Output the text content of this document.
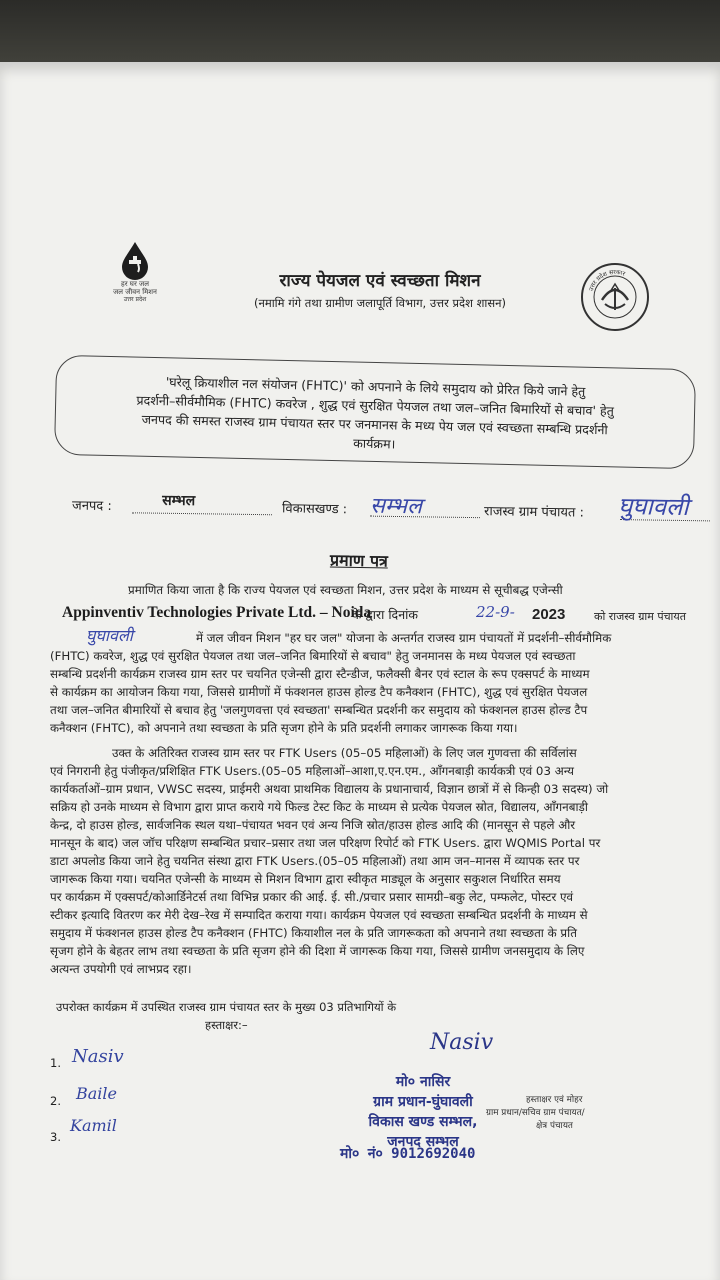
हर घर जल
जल जीवन मिशन
उत्तर प्रदेश
उत्तर प्रदेश सरकार
राज्य पेयजल एवं स्वच्छता मिशन
(नमामि गंगे तथा ग्रामीण जलापूर्ति विभाग, उत्तर प्रदेश शासन)
'घरेलू क्रियाशील नल संयोजन (FHTC)' को अपनाने के लिये समुदाय को प्रेरित किये जाने हेतु
प्रदर्शनी–सीर्वमौमिक (FHTC) कवरेज , शुद्ध एवं सुरक्षित पेयजल तथा जल–जनित बिमारियों से बचाव' हेतु
जनपद की समस्त राजस्व ग्राम पंचायत स्तर पर जनमानस के मध्य पेय जल एवं स्वच्छता सम्बन्धि प्रदर्शनी
कार्यक्रम।
जनपद :	सम्भल
विकासखण्ड : सम्भल	राजस्व ग्राम पंचायत : घुघावली
प्रमाण पत्र
प्रमाणित किया जाता है कि राज्य पेयजल एवं स्वच्छता मिशन, उत्तर प्रदेश के माध्यम से सूचीबद्ध एजेन्सी
Appinventiv Technologies Private Ltd. – Noida
के द्वारा दिनांक	22-9- 2023	को राजस्व ग्राम पंचायत
घुघावली	में जल जीवन मिशन "हर घर जल" योजना के अन्तर्गत राजस्व ग्राम पंचायतों में प्रदर्शनी–सीर्वमौमिक
(FHTC) कवरेज, शुद्ध एवं सुरक्षित पेयजल तथा जल–जनित बिमारियों से बचाव" हेतु जनमानस के मध्य पेयजल एवं स्वच्छता
सम्बन्धि प्रदर्शनी कार्यक्रम राजस्व ग्राम स्तर पर चयनित एजेन्सी द्वारा स्टैन्डीज, फलैक्सी बैनर एवं स्टाल के रूप एक्सपर्ट के माध्यम
से कार्यक्रम का आयोजन किया गया, जिससे ग्रामीणों में फंक्शनल हाउस होल्ड टैप कनैक्शन (FHTC), शुद्ध एवं सुरक्षित पेयजल
तथा जल–जनित बीमारियों से बचाव हेतु 'जलगुणवत्ता एवं स्वच्छता' सम्बन्धित प्रदर्शनी कर समुदाय को फंक्शनल हाउस होल्ड टैप
कनैक्शन (FHTC), को अपनाने तथा स्वच्छता के प्रति सृजग होने के प्रति प्रदर्शनी लगाकर जागरूक किया गया।
उक्त के अतिरिक्त राजस्व ग्राम स्तर पर FTK Users (05–05 महिलाओं) के लिए जल गुणवत्ता की सर्विलांस
एवं निगरानी हेतु पंजीकृत/प्रशिक्षित FTK Users.(05–05 महिलाओं–आशा,ए.एन.एम., ऑंगनबाड़ी कार्यकत्री एवं 03 अन्य
कार्यकर्ताओं–ग्राम प्रधान, VWSC सदस्य, प्राईमरी अथवा प्राथमिक विद्यालय के प्रधानाचार्य, विज्ञान छात्रों में से किन्ही 03 सदस्य) जो
सक्रिय हो उनके माध्यम से विभाग द्वारा प्राप्त कराये गये फिल्ड टेस्ट किट के माध्यम से प्रत्येक पेयजल स्रोत, विद्यालय, ऑंगनबाड़ी
केन्द्र, दो हाउस होल्ड, सार्वजनिक स्थल यथा–पंचायत भवन एवं अन्य निजि स्रोत/हाउस होल्ड आदि की (मानसून से पहले और
मानसून के बाद) जल जॉच परिक्षण सम्बन्धित प्रचार–प्रसार तथा जल परिक्षण रिपोर्ट को FTK Users. द्वारा WQMIS Portal पर
डाटा अपलोड किया जाने हेतु चयनित संस्था द्वारा FTK Users.(05–05 महिलाओं) तथा आम जन–मानस में व्यापक स्तर पर
जागरूक किया गया। चयनित एजेन्सी के माध्यम से मिशन विभाग द्वारा स्वीकृत माड्यूल के अनुसार सकुशल निर्धारित समय
पर कार्यक्रम में एक्सपर्ट/कोआर्डिनेटर्स तथा विभिन्न प्रकार की आई. ई. सी./प्रचार प्रसार सामग्री–बकु लेट, पम्फलेट, पोस्टर एवं
स्टीकर इत्यादि वितरण कर मेरी देख–रेख में सम्पादित कराया गया। कार्यक्रम पेयजल एवं स्वच्छता सम्बन्धित प्रदर्शनी के माध्यम से
समुदाय में फंक्शनल हाउस होल्ड टैप कनैक्शन (FHTC) कियाशील नल के प्रति जागरूकता को अपनाने तथा स्वच्छता के प्रति
सृजग होने के बेहतर लाभ तथा स्वच्छता के प्रति सृजग होने की दिशा में जागरूक किया गया, जिससे ग्रामीण जनसमुदाय के लिए
अत्यन्त उपयोगी एवं लाभप्रद रहा।
उपरोक्त कार्यक्रम में उपस्थित राजस्व ग्राम पंचायत स्तर के मुख्य 03 प्रतिभागियों के
हस्ताक्षर:–
1. Nasiv
2. Baile
3.
Kamil
Nasiv
मो० नासिर
ग्राम प्रधान-घुंघावली
विकास खण्ड सम्भल,
जनपद सम्भल
मो० नं० 9012692040
हस्ताक्षर एवं मोहर
ग्राम प्रधान/सचिव ग्राम पंचायत/
क्षेत्र पंचायत
